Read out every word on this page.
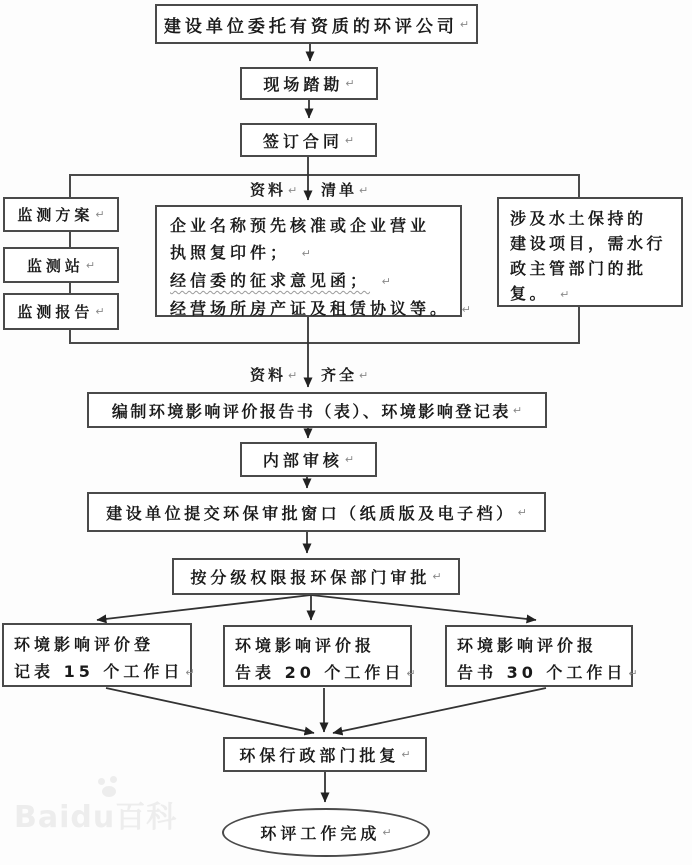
Baidu百科
建设单位委托有资质的环评公司 ↵
现场踏勘 ↵
签订合同 ↵
资料 ↵ 清单 ↵
监测方案 ↵
监测站 ↵
监测报告 ↵
企业名称预先核准或企业营业
执照复印件； ↵
经信委的征求意见函； ↵
经营场所房产证及租赁协议等。 ↵
涉及水土保持的
建设项目，需水行
政主管部门的批
复。 ↵
资料 ↵ 齐全 ↵
编制环境影响评价报告书（表）、环境影响登记表 ↵
内部审核 ↵
建设单位提交环保审批窗口（纸质版及电子档） ↵
按分级权限报环保部门审批 ↵
环境影响评价登
记表 15 个工作日 ↵
环境影响评价报
告表 20 个工作日 ↵
环境影响评价报
告书 30 个工作日 ↵
环保行政部门批复 ↵
环评工作完成 ↵
